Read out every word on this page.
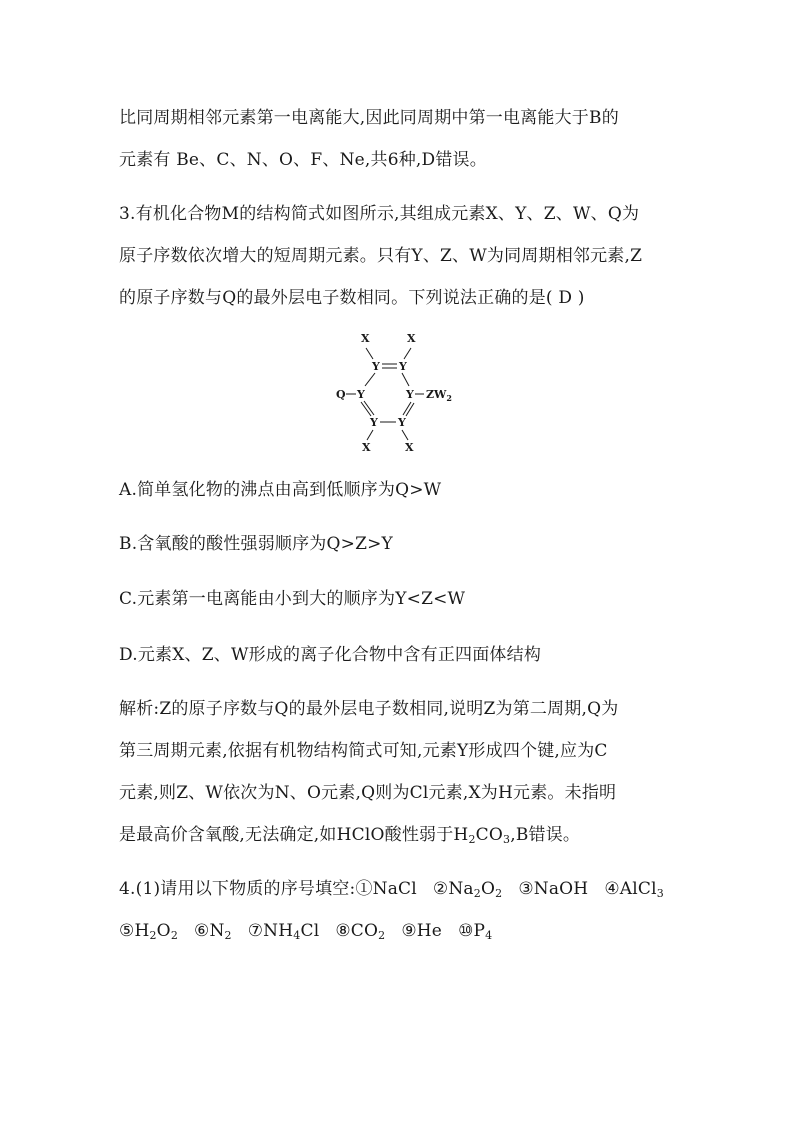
比同周期相邻元素第一电离能大,因此同周期中第一电离能大于B的
元素有 Be、C、N、O、F、Ne,共6种,D错误。
3.有机化合物M的结构简式如图所示,其组成元素X、Y、Z、W、Q为
原子序数依次增大的短周期元素。只有Y、Z、W为同周期相邻元素,Z
的原子序数与Q的最外层电子数相同。下列说法正确的是( D )
X	X
Y Y
Q Y	Y $ZW_2$
Y Y
X	X
A.简单氢化物的沸点由高到低顺序为Q>W
B.含氧酸的酸性强弱顺序为Q>Z>Y
C.元素第一电离能由小到大的顺序为Y<Z<W
D.元素X、Z、W形成的离子化合物中含有正四面体结构
解析:Z的原子序数与Q的最外层电子数相同,说明Z为第二周期,Q为
第三周期元素,依据有机物结构简式可知,元素Y形成四个键,应为C
元素,则Z、W依次为N、O元素,Q则为Cl元素,X为H元素。未指明
是最高价含氧酸,无法确定,如HClO酸性弱于$H_2CO_3,B$错误。
4.(1)请用以下物质的序号填空:①NaCl $②Na_2O_2$ ③NaOH ④AlCl$_3$
$⑤H_2O_2$ $⑥N_2$ $⑦NH_4Cl$ $⑧CO_2$ ⑨He $⑩P_4$
